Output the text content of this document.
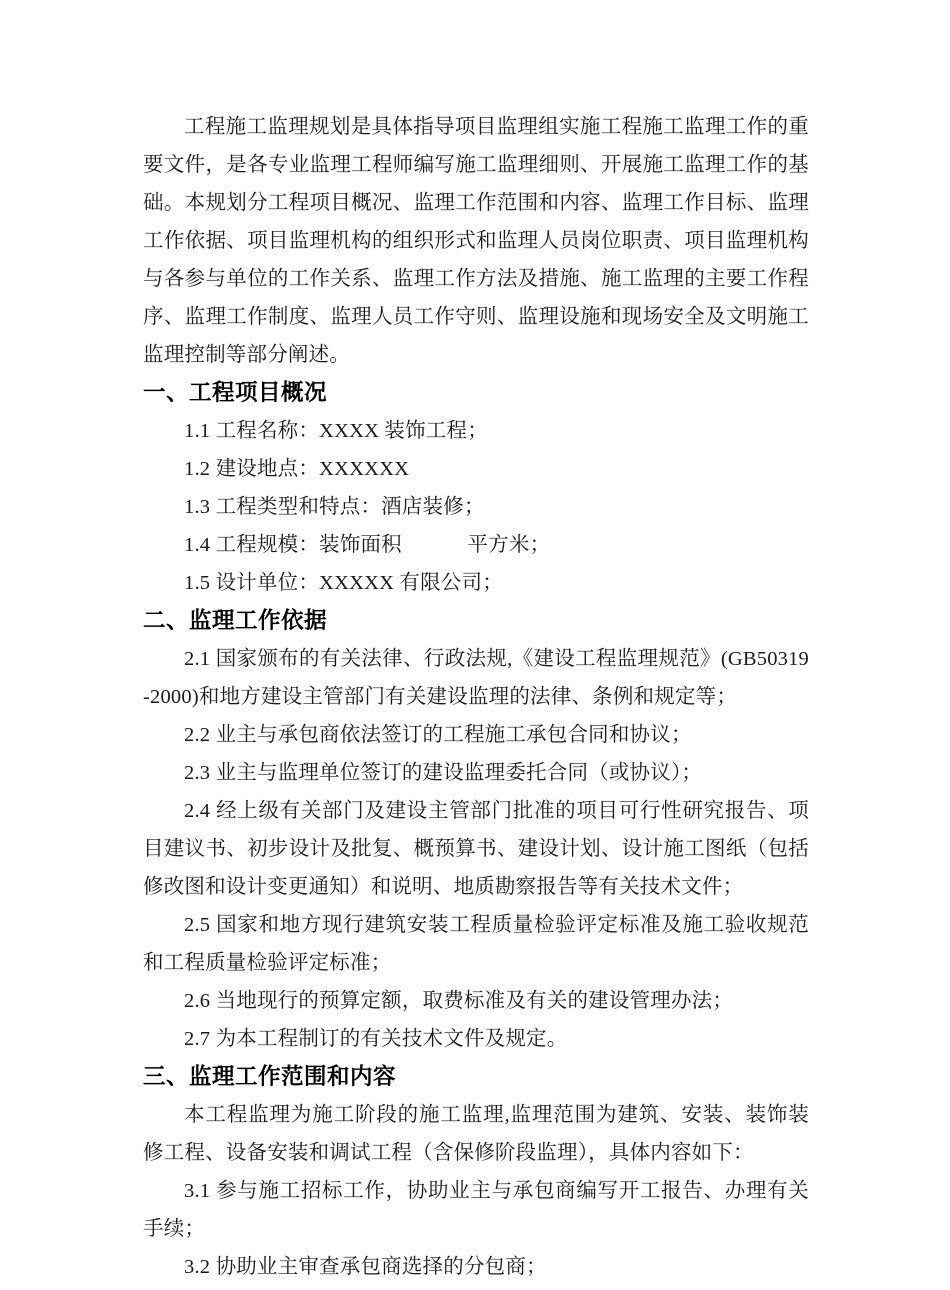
工程施工监理规划是具体指导项目监理组实施工程施工监理工作的重要文件，是各专业监理工程师编写施工监理细则、开展施工监理工作的基础。本规划分工程项目概况、监理工作范围和内容、监理工作目标、监理工作依据、项目监理机构的组织形式和监理人员岗位职责、项目监理机构与各参与单位的工作关系、监理工作方法及措施、施工监理的主要工作程序、监理工作制度、监理人员工作守则、监理设施和现场安全及文明施工监理控制等部分阐述。

一、工程项目概况

1.1 工程名称：XXXX 装饰工程；

1.2 建设地点：XXXXXX

1.3 工程类型和特点：酒店装修；

1.4 工程规模：装饰面积	平方米；

1.5 设计单位：XXXXX 有限公司；

二、监理工作依据

2.1 国家颁布的有关法律、行政法规,《建设工程监理规范》(GB50319-2000)和地方建设主管部门有关建设监理的法律、条例和规定等；

2.2 业主与承包商依法签订的工程施工承包合同和协议；

2.3 业主与监理单位签订的建设监理委托合同（或协议）；

2.4 经上级有关部门及建设主管部门批准的项目可行性研究报告、项目建议书、初步设计及批复、概预算书、建设计划、设计施工图纸（包括修改图和设计变更通知）和说明、地质勘察报告等有关技术文件；

2.5 国家和地方现行建筑安装工程质量检验评定标准及施工验收规范和工程质量检验评定标准；

2.6 当地现行的预算定额，取费标准及有关的建设管理办法；

2.7 为本工程制订的有关技术文件及规定。

三、监理工作范围和内容

本工程监理为施工阶段的施工监理,监理范围为建筑、安装、装饰装修工程、设备安装和调试工程（含保修阶段监理），具体内容如下：

3.1 参与施工招标工作，协助业主与承包商编写开工报告、办理有关手续；

3.2 协助业主审查承包商选择的分包商；
